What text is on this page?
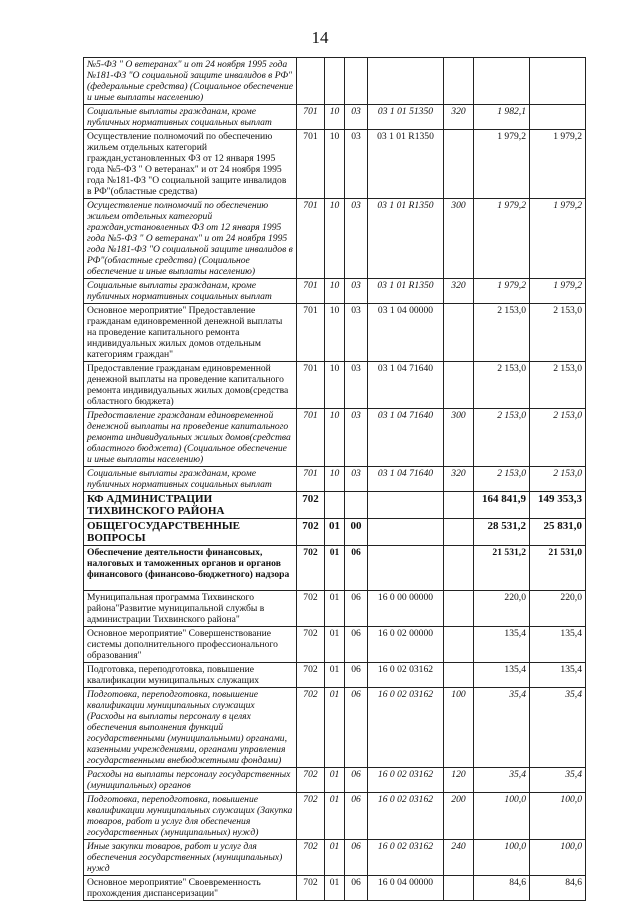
14
№5-ФЗ " О ветеранах" и от 24 ноября 1995 года №181-ФЗ "О социальной защите инвалидов в РФ"(федеральные средства) (Социальное обеспечение и иные выплаты населению)							
Социальные выплаты гражданам, кроме публичных нормативных социальных выплат	701	10	03	03 1 01 51350	320	1 982,1	
Осуществление полномочий по обеспечению жильем отдельных категорий граждан,установленных ФЗ от 12 января 1995 года №5-ФЗ " О ветеранах" и от 24 ноября 1995 года №181-ФЗ "О социальной защите инвалидов в РФ"(областные средства)	701	10	03	03 1 01 R1350		1 979,2	1 979,2
Осуществление полномочий по обеспечению жильем отдельных категорий граждан,установленных ФЗ от 12 января 1995 года №5-ФЗ " О ветеранах" и от 24 ноября 1995 года №181-ФЗ "О социальной защите инвалидов в РФ"(областные средства) (Социальное обеспечение и иные выплаты населению)	701	10	03	03 1 01 R1350	300	1 979,2	1 979,2
Социальные выплаты гражданам, кроме публичных нормативных социальных выплат	701	10	03	03 1 01 R1350	320	1 979,2	1 979,2
Основное мероприятие" Предоставление гражданам единовременной денежной выплаты на проведение капитального ремонта индивидуальных жилых домов отдельным категориям граждан"	701	10	03	03 1 04 00000		2 153,0	2 153,0
Предоставление гражданам единовременной денежной выплаты на проведение капитального ремонта индивидуальных жилых домов(средства областного бюджета)	701	10	03	03 1 04 71640		2 153,0	2 153,0
Предоставление гражданам единовременной денежной выплаты на проведение капитального ремонта индивидуальных жилых домов(средства областного бюджета) (Социальное обеспечение и иные выплаты населению)	701	10	03	03 1 04 71640	300	2 153,0	2 153,0
Социальные выплаты гражданам, кроме публичных нормативных социальных выплат	701	10	03	03 1 04 71640	320	2 153,0	2 153,0
КФ АДМИНИСТРАЦИИ ТИХВИНСКОГО РАЙОНА	702					164 841,9	149 353,3
ОБЩЕГОСУДАРСТВЕННЫЕ ВОПРОСЫ	702	01	00			28 531,2	25 831,0
Обеспечение деятельности финансовых, налоговых и таможенных органов и органов финансового (финансово-бюджетного) надзора	702	01	06			21 531,2	21 531,0
Муниципальная программа Тихвинского района"Развитие муниципальной службы в администрации Тихвинского района"	702	01	06	16 0 00 00000		220,0	220,0
Основное мероприятие" Совершенствование системы дополнительного профессионального образования"	702	01	06	16 0 02 00000		135,4	135,4
Подготовка, переподготовка, повышение квалификации муниципальных служащих	702	01	06	16 0 02 03162		135,4	135,4
Подготовка, переподготовка, повышение квалификации муниципальных служащих (Расходы на выплаты персоналу в целях обеспечения выполнения функций государственными (муниципальными) органами, казенными учреждениями, органами управления государственными внебюджетными фондами)	702	01	06	16 0 02 03162	100	35,4	35,4
Расходы на выплаты персоналу государственных (муниципальных) органов	702	01	06	16 0 02 03162	120	35,4	35,4
Подготовка, переподготовка, повышение квалификации муниципальных служащих (Закупка товаров, работ и услуг для обеспечения государственных (муниципальных) нужд)	702	01	06	16 0 02 03162	200	100,0	100,0
Иные закупки товаров, работ и услуг для обеспечения государственных (муниципальных) нужд	702	01	06	16 0 02 03162	240	100,0	100,0
Основное мероприятие" Своевременность прохождения диспансеризации"	702	01	06	16 0 04 00000		84,6	84,6
